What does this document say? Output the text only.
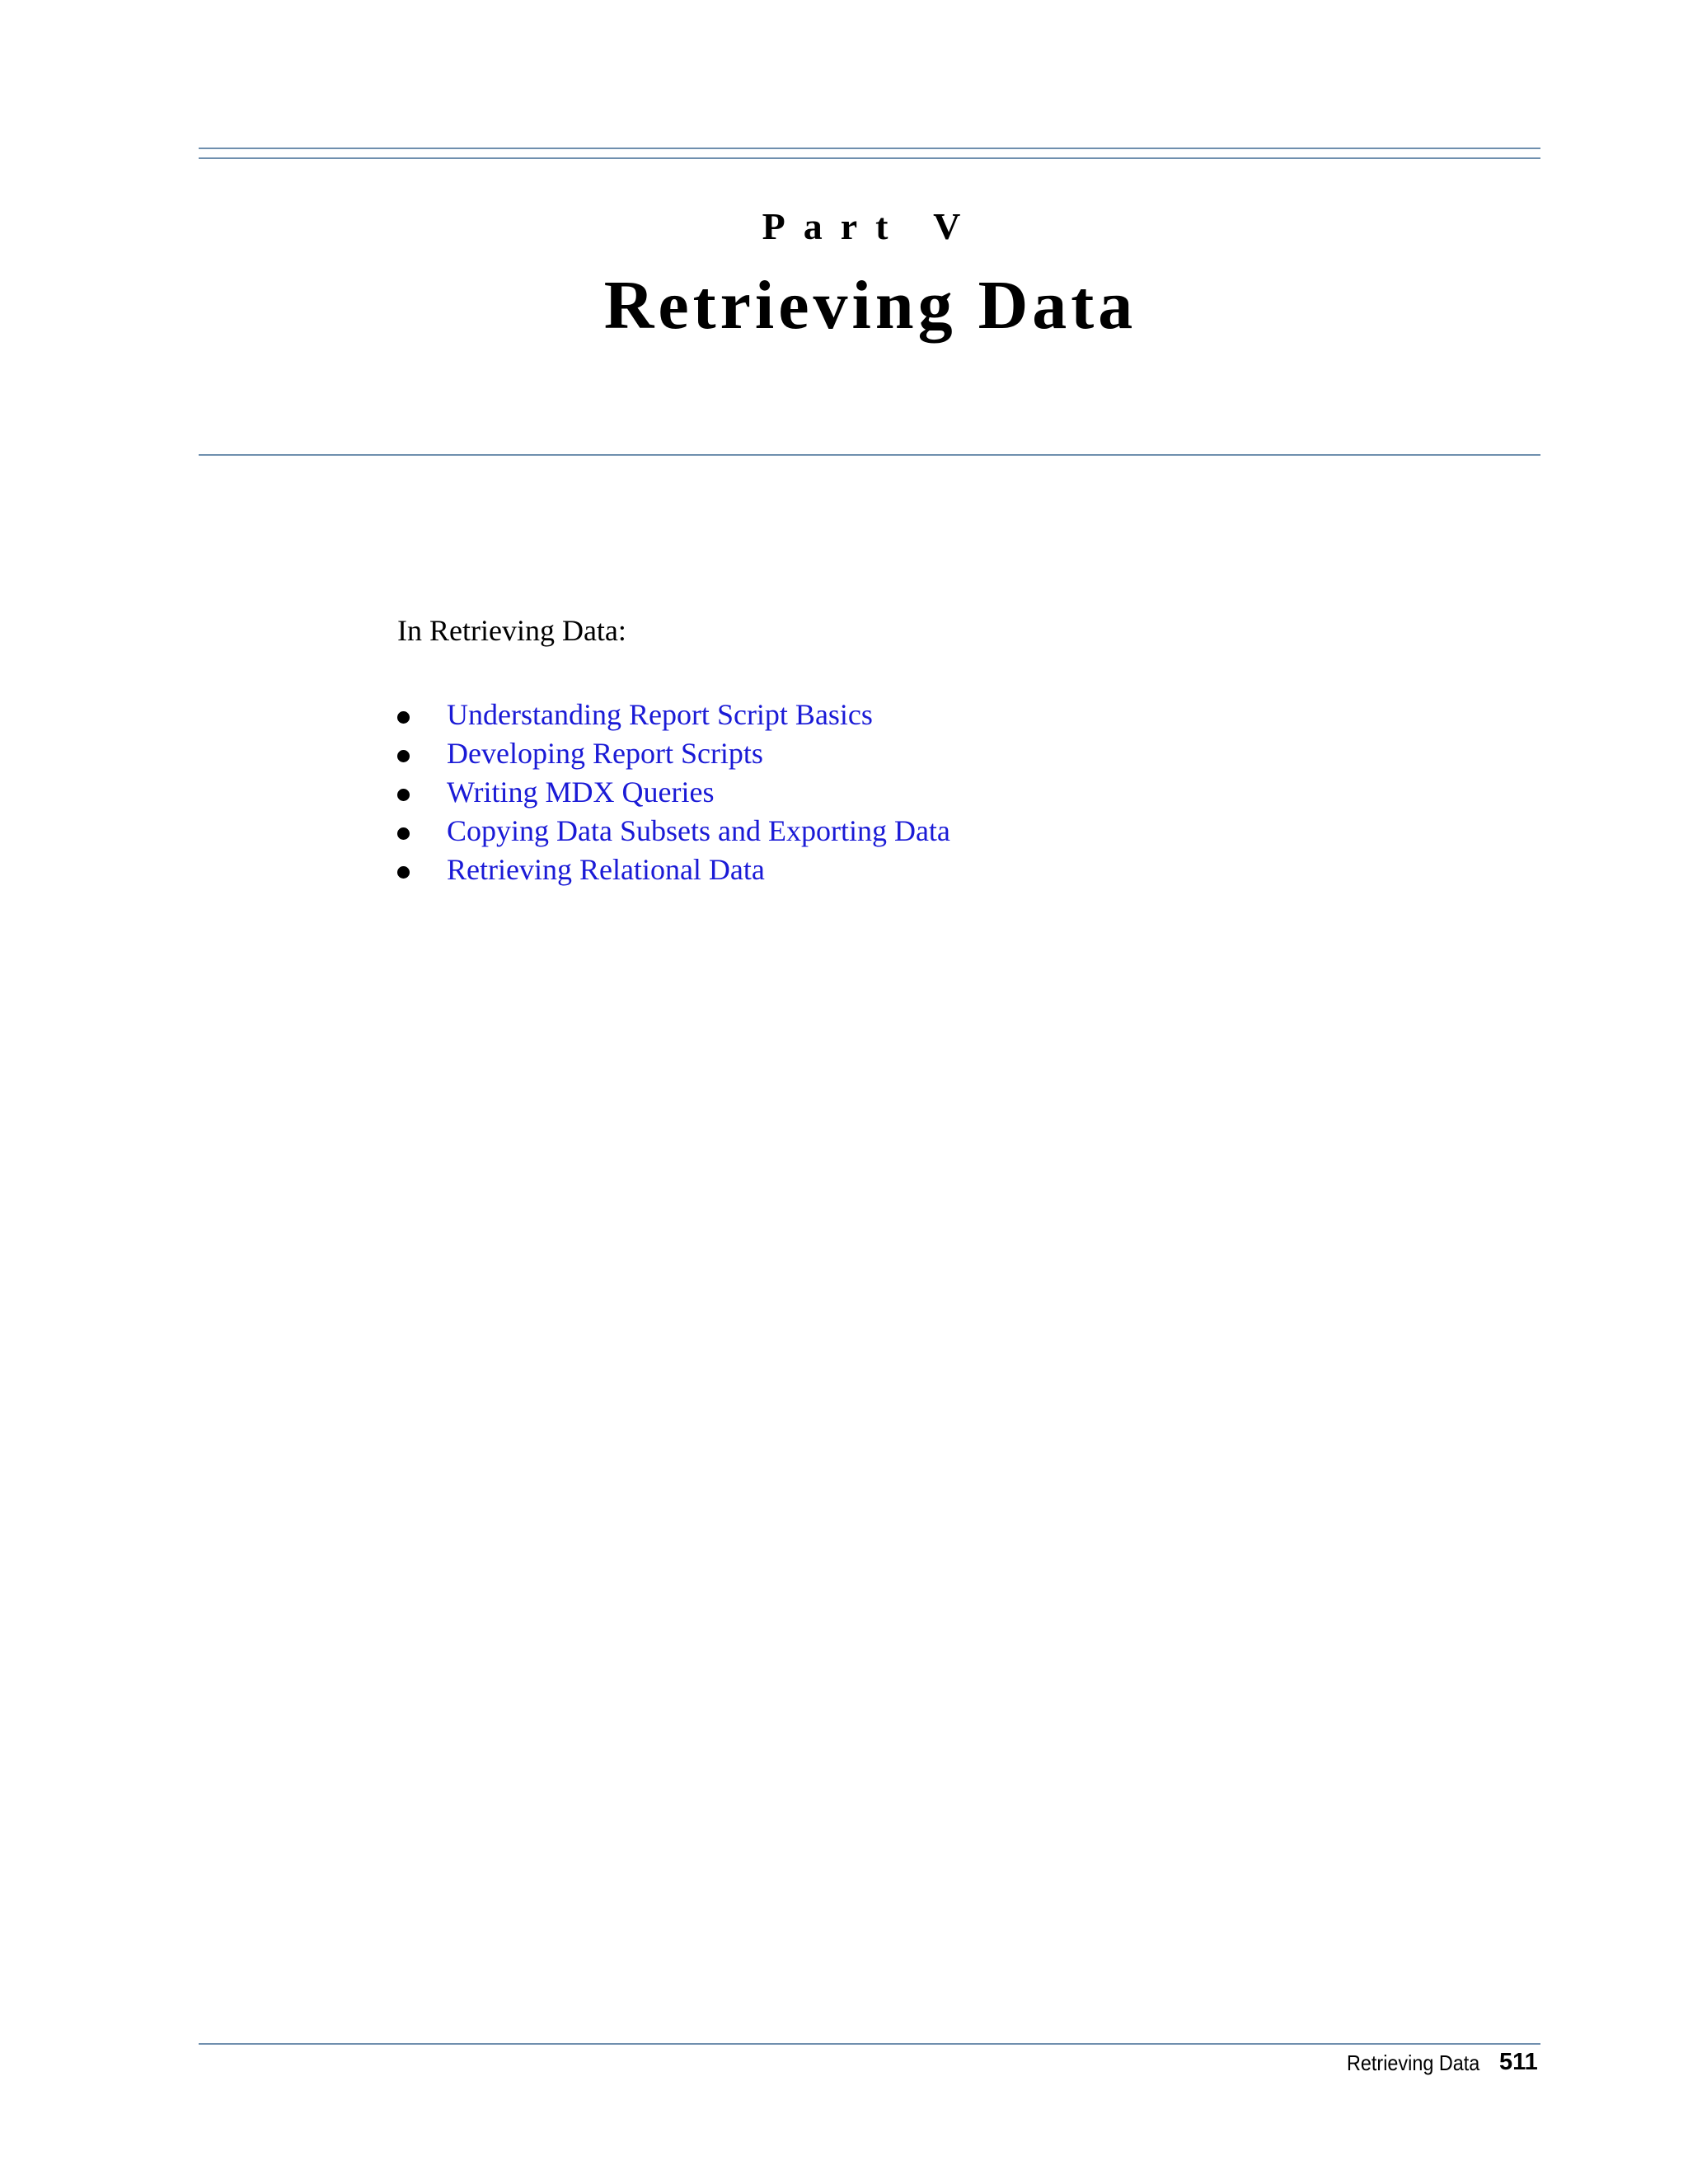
Part V
Retrieving Data
In Retrieving Data:
Understanding Report Script Basics
Developing Report Scripts
Writing MDX Queries
Copying Data Subsets and Exporting Data
Retrieving Relational Data
Retrieving Data 511
